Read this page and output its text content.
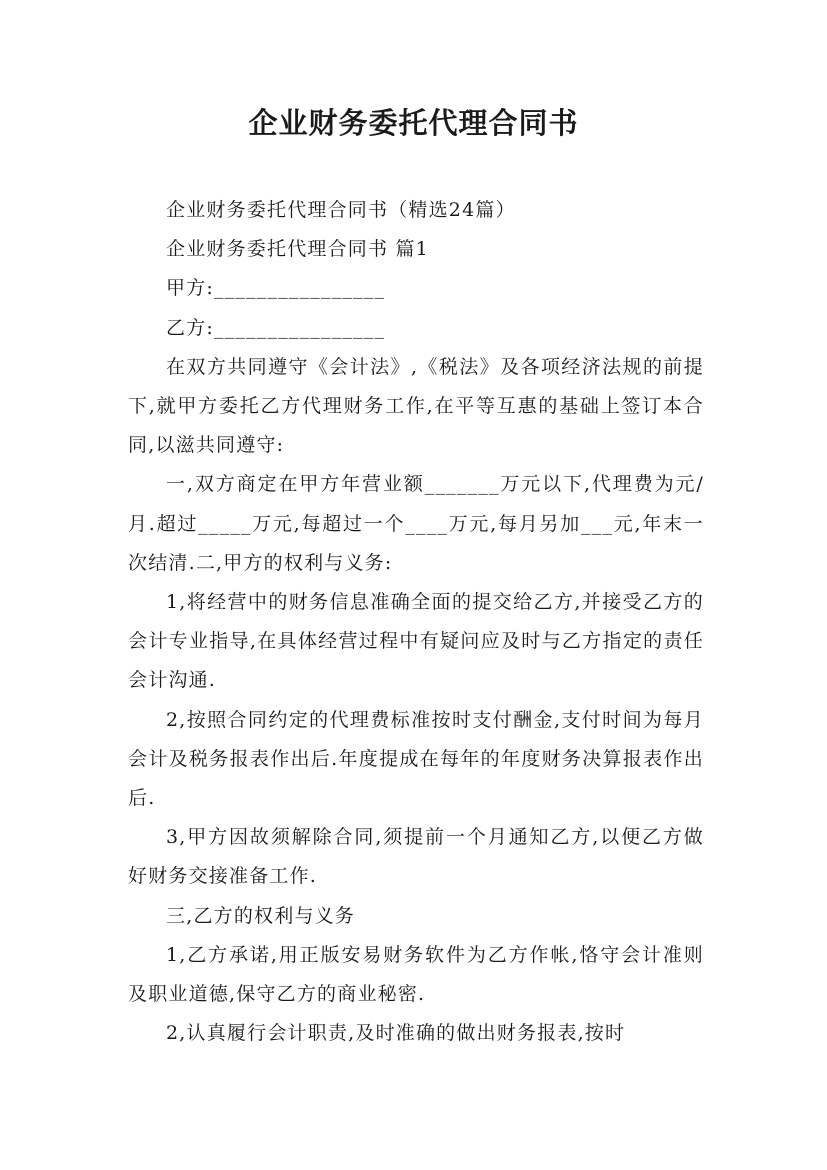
企业财务委托代理合同书

企业财务委托代理合同书（精选24篇）

企业财务委托代理合同书 篇1

甲方:________________

乙方:________________

在双方共同遵守《会计法》,《税法》及各项经济法规的前提下,就甲方委托乙方代理财务工作,在平等互惠的基础上签订本合同,以滋共同遵守:

一,双方商定在甲方年营业额_______万元以下,代理费为元/月.超过_____万元,每超过一个____万元,每月另加___元,年末一次结清.二,甲方的权利与义务:

1,将经营中的财务信息准确全面的提交给乙方,并接受乙方的会计专业指导,在具体经营过程中有疑问应及时与乙方指定的责任会计沟通.

2,按照合同约定的代理费标准按时支付酬金,支付时间为每月会计及税务报表作出后.年度提成在每年的年度财务决算报表作出后.

3,甲方因故须解除合同,须提前一个月通知乙方,以便乙方做好财务交接准备工作.

三,乙方的权利与义务

1,乙方承诺,用正版安易财务软件为乙方作帐,恪守会计准则及职业道德,保守乙方的商业秘密.

2,认真履行会计职责,及时准确的做出财务报表,按时
